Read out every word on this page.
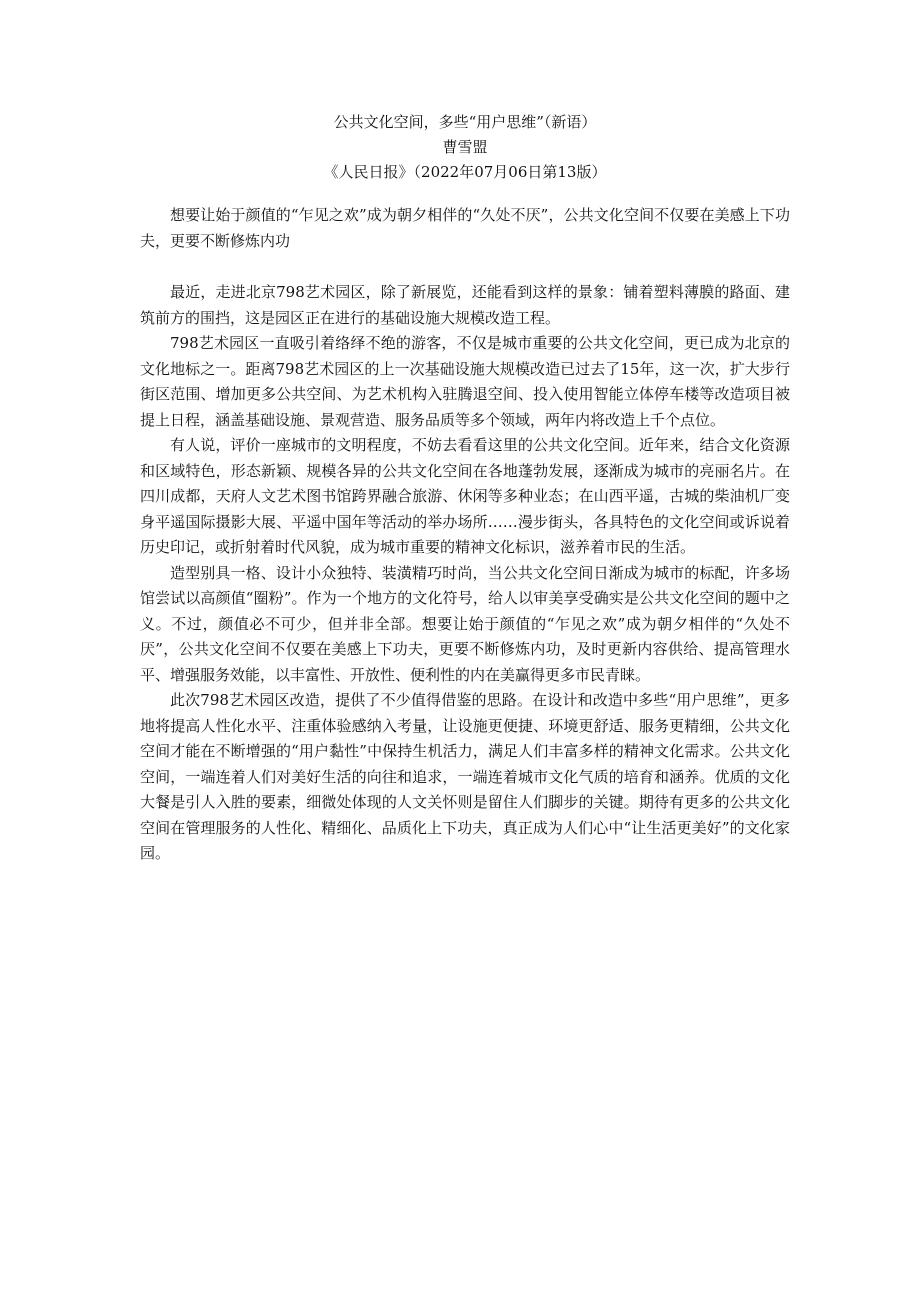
公共文化空间，多些“用户思维”（新语）

曹雪盟

《人民日报》（2022年07月06日第13版）

想要让始于颜值的“乍见之欢”成为朝夕相伴的“久处不厌”，公共文化空间不仅要在美感上下功夫，更要不断修炼内功

最近，走进北京798艺术园区，除了新展览，还能看到这样的景象：铺着塑料薄膜的路面、建筑前方的围挡，这是园区正在进行的基础设施大规模改造工程。

798艺术园区一直吸引着络绎不绝的游客，不仅是城市重要的公共文化空间，更已成为北京的文化地标之一。距离798艺术园区的上一次基础设施大规模改造已过去了15年，这一次，扩大步行街区范围、增加更多公共空间、为艺术机构入驻腾退空间、投入使用智能立体停车楼等改造项目被提上日程，涵盖基础设施、景观营造、服务品质等多个领域，两年内将改造上千个点位。

有人说，评价一座城市的文明程度，不妨去看看这里的公共文化空间。近年来，结合文化资源和区域特色，形态新颖、规模各异的公共文化空间在各地蓬勃发展，逐渐成为城市的亮丽名片。在四川成都，天府人文艺术图书馆跨界融合旅游、休闲等多种业态；在山西平遥，古城的柴油机厂变身平遥国际摄影大展、平遥中国年等活动的举办场所……漫步街头，各具特色的文化空间或诉说着历史印记，或折射着时代风貌，成为城市重要的精神文化标识，滋养着市民的生活。

造型别具一格、设计小众独特、装潢精巧时尚，当公共文化空间日渐成为城市的标配，许多场馆尝试以高颜值“圈粉”。作为一个地方的文化符号，给人以审美享受确实是公共文化空间的题中之义。不过，颜值必不可少，但并非全部。想要让始于颜值的“乍见之欢”成为朝夕相伴的“久处不厌”，公共文化空间不仅要在美感上下功夫，更要不断修炼内功，及时更新内容供给、提高管理水平、增强服务效能，以丰富性、开放性、便利性的内在美赢得更多市民青睐。

此次798艺术园区改造，提供了不少值得借鉴的思路。在设计和改造中多些“用户思维”，更多地将提高人性化水平、注重体验感纳入考量，让设施更便捷、环境更舒适、服务更精细，公共文化空间才能在不断增强的“用户黏性”中保持生机活力，满足人们丰富多样的精神文化需求。公共文化空间，一端连着人们对美好生活的向往和追求，一端连着城市文化气质的培育和涵养。优质的文化大餐是引人入胜的要素，细微处体现的人文关怀则是留住人们脚步的关键。期待有更多的公共文化空间在管理服务的人性化、精细化、品质化上下功夫，真正成为人们心中“让生活更美好”的文化家园。
